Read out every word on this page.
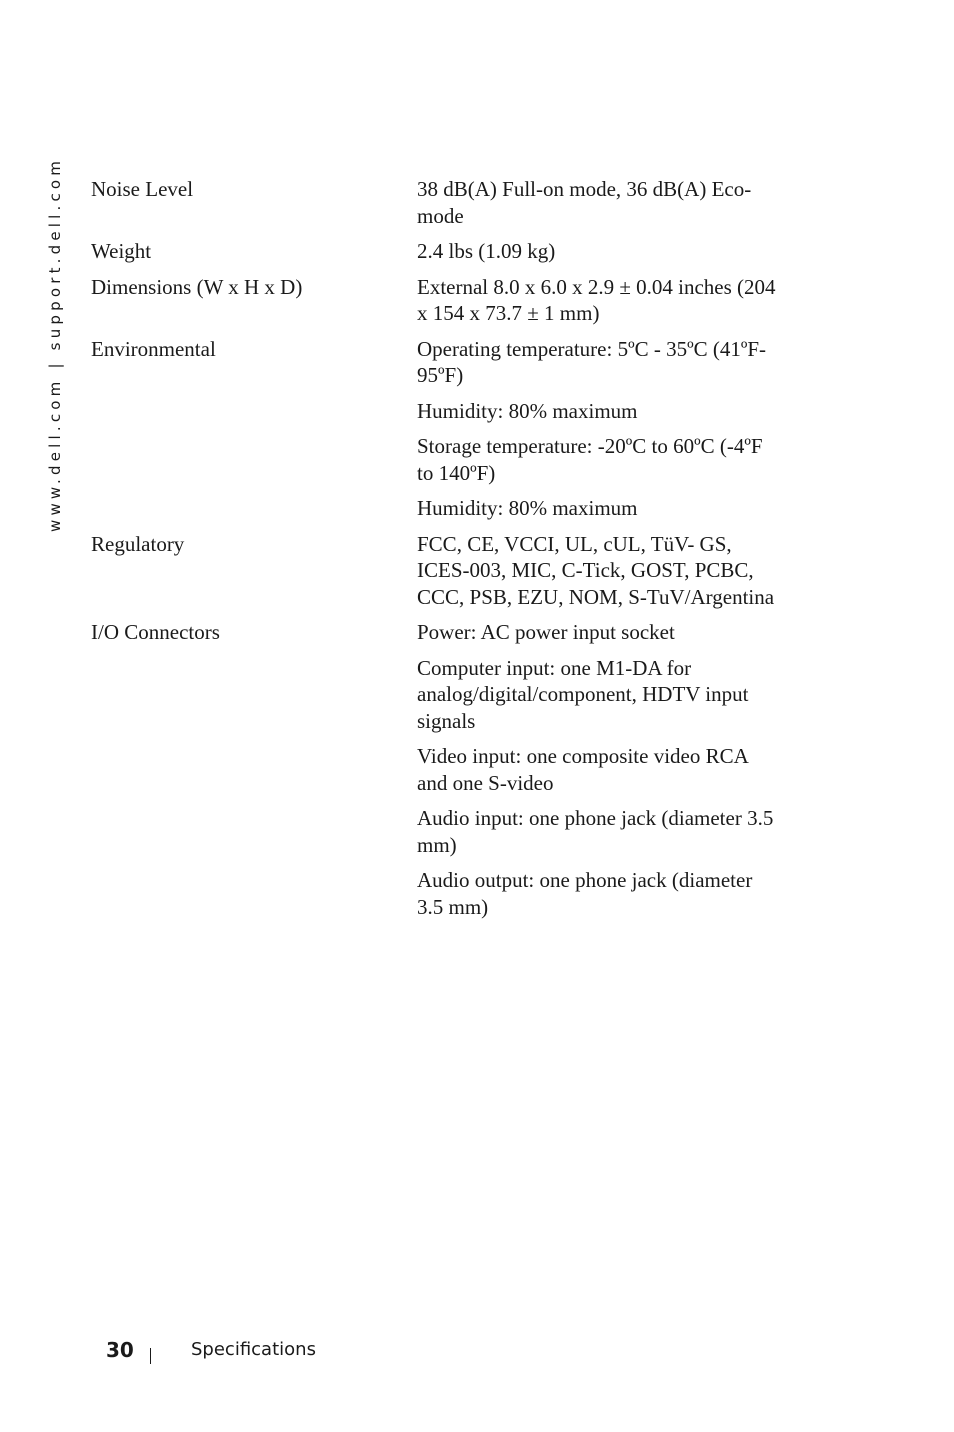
www.dell.com | support.dell.com Noise Level	38 dB(A) Full-on mode, 36 dB(A) Eco-mode
Weight	2.4 lbs (1.09 kg)
Dimensions (W x H x D)	External 8.0 x 6.0 x 2.9 ± 0.04 inches (204 x 154 x 73.7 ± 1 mm)
Environmental	Operating temperature: 5ºC - 35ºC (41ºF- 95ºF)
Humidity: 80% maximum
Storage temperature: -20ºC to 60ºC (-4ºF to 140ºF)
Humidity: 80% maximum
Regulatory	FCC, CE, VCCI, UL, cUL, TüV- GS, ICES-003, MIC, C-Tick, GOST, PCBC, CCC, PSB, EZU, NOM, S-TuV/Argentina
I/O Connectors	Power: AC power input socket
Computer input: one M1-DA for analog/digital/component, HDTV input signals
Video input: one composite video RCA and one S-video
Audio input: one phone jack (diameter 3.5 mm)
Audio output: one phone jack (diameter 3.5 mm)
30	Specifications
